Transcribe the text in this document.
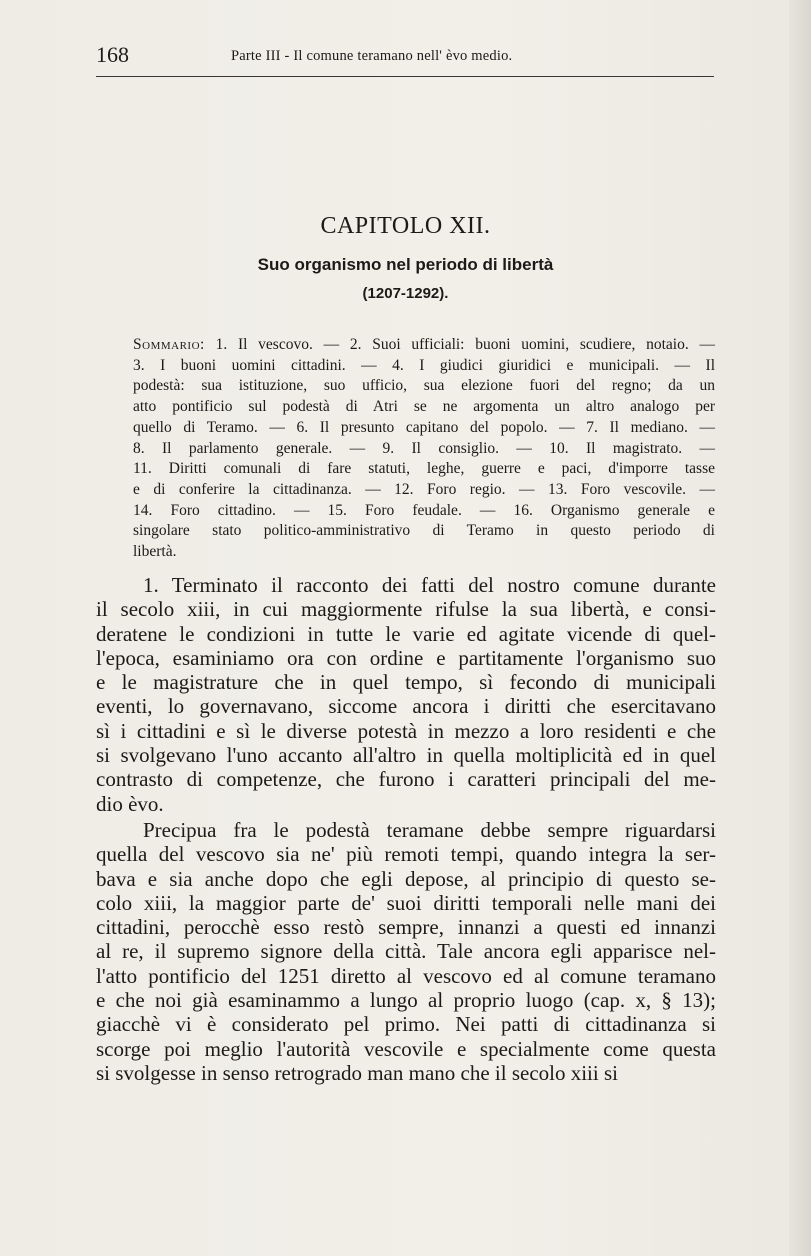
168	Parte III - Il comune teramano nell' èvo medio.
CAPITOLO XII.
Suo organismo nel periodo di libertà
(1207-1292).
Sommario: 1. Il vescovo. — 2. Suoi ufficiali: buoni uomini, scudiere, notaio. —
3. I buoni uomini cittadini. — 4. I giudici giuridici e municipali. — Il
podestà: sua istituzione, suo ufficio, sua elezione fuori del regno; da un
atto pontificio sul podestà di Atri se ne argomenta un altro analogo per
quello di Teramo. — 6. Il presunto capitano del popolo. — 7. Il mediano. —
8. Il parlamento generale. — 9. Il consiglio. — 10. Il magistrato. —
11. Diritti comunali di fare statuti, leghe, guerre e paci, d'imporre tasse
e di conferire la cittadinanza. — 12. Foro regio. — 13. Foro vescovile. —
14. Foro cittadino. — 15. Foro feudale. — 16. Organismo generale e
singolare stato politico-amministrativo di Teramo in questo periodo di
libertà.
1. Terminato il racconto dei fatti del nostro comune durante
il secolo xiii, in cui maggiormente rifulse la sua libertà, e consi-
deratene le condizioni in tutte le varie ed agitate vicende di quel-
l'epoca, esaminiamo ora con ordine e partitamente l'organismo suo
e le magistrature che in quel tempo, sì fecondo di municipali
eventi, lo governavano, siccome ancora i diritti che esercitavano
sì i cittadini e sì le diverse potestà in mezzo a loro residenti e che
si svolgevano l'uno accanto all'altro in quella moltiplicità ed in quel
contrasto di competenze, che furono i caratteri principali del me-
dio èvo.
Precipua fra le podestà teramane debbe sempre riguardarsi
quella del vescovo sia ne' più remoti tempi, quando integra la ser-
bava e sia anche dopo che egli depose, al principio di questo se-
colo xiii, la maggior parte de' suoi diritti temporali nelle mani dei
cittadini, perocchè esso restò sempre, innanzi a questi ed innanzi
al re, il supremo signore della città. Tale ancora egli apparisce nel-
l'atto pontificio del 1251 diretto al vescovo ed al comune teramano
e che noi già esaminammo a lungo al proprio luogo (cap. x, § 13);
giacchè vi è considerato pel primo. Nei patti di cittadinanza si
scorge poi meglio l'autorità vescovile e specialmente come questa
si svolgesse in senso retrogrado man mano che il secolo xiii si
